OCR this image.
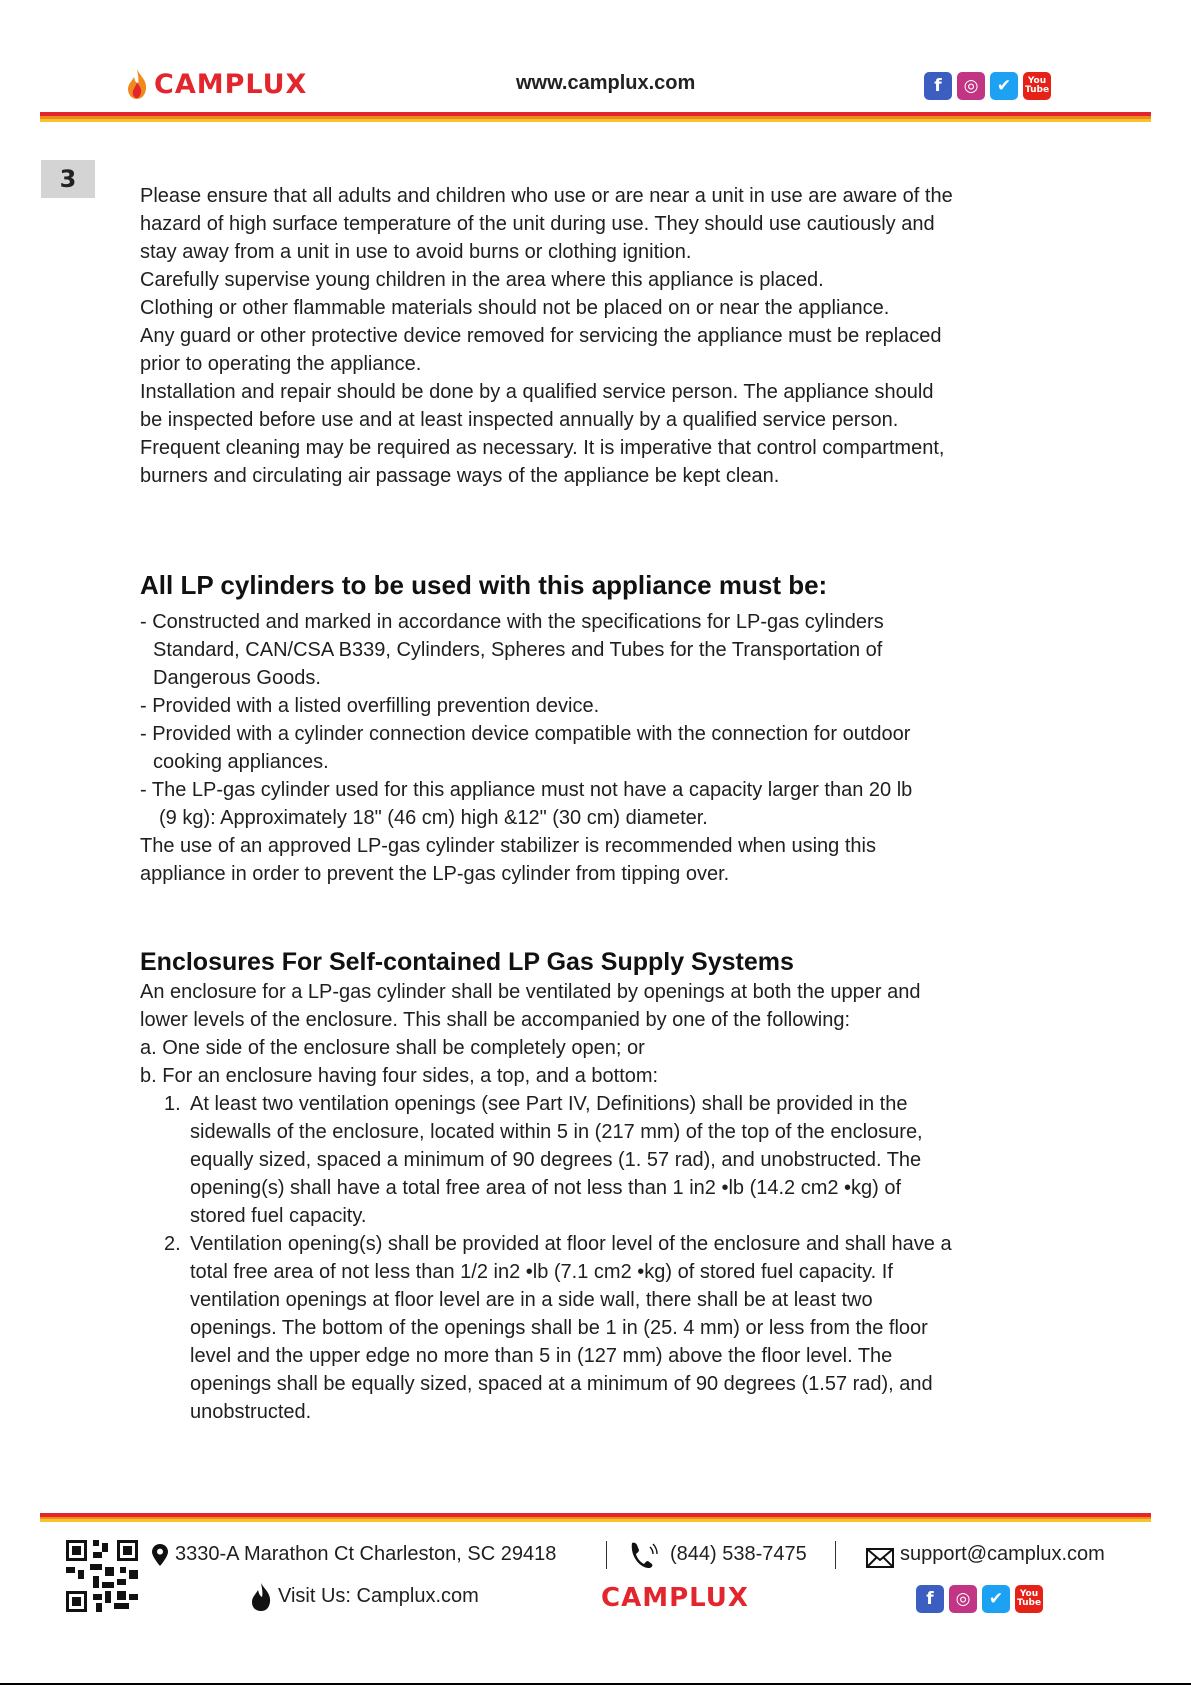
CAMPLUX	www.camplux.com	f	◎	✔	You
Tube
3

Please ensure that all adults and children who use or are near a unit in use are aware of the

hazard of high surface temperature of the unit during use. They should use cautiously and

stay away from a unit in use to avoid burns or clothing ignition.

Carefully supervise young children in the area where this appliance is placed.

Clothing or other flammable materials should not be placed on or near the appliance.

Any guard or other protective device removed for servicing the appliance must be replaced

prior to operating the appliance.

Installation and repair should be done by a qualified service person. The appliance should

be inspected before use and at least inspected annually by a qualified service person.

Frequent cleaning may be required as necessary. It is imperative that control compartment,

burners and circulating air passage ways of the appliance be kept clean.

All LP cylinders to be used with this appliance must be:

- Constructed and marked in accordance with the specifications for LP-gas cylinders

Standard, CAN/CSA B339, Cylinders, Spheres and Tubes for the Transportation of

Dangerous Goods.

- Provided with a listed overfilling prevention device.

- Provided with a cylinder connection device compatible with the connection for outdoor

cooking appliances.

- The LP-gas cylinder used for this appliance must not have a capacity larger than 20 lb

(9 kg): Approximately 18" (46 cm) high &12" (30 cm) diameter.

The use of an approved LP-gas cylinder stabilizer is recommended when using this

appliance in order to prevent the LP-gas cylinder from tipping over.

Enclosures For Self-contained LP Gas Supply Systems

An enclosure for a LP-gas cylinder shall be ventilated by openings at both the upper and

lower levels of the enclosure. This shall be accompanied by one of the following:

a. One side of the enclosure shall be completely open; or

b. For an enclosure having four sides, a top, and a bottom:

1. At least two ventilation openings (see Part IV, Definitions) shall be provided in the

sidewalls of the enclosure, located within 5 in (217 mm) of the top of the enclosure,

equally sized, spaced a minimum of 90 degrees (1. 57 rad), and unobstructed. The

opening(s) shall have a total free area of not less than 1 in2 •lb (14.2 cm2 •kg) of

stored fuel capacity.

2. Ventilation opening(s) shall be provided at floor level of the enclosure and shall have a

total free area of not less than 1/2 in2 •lb (7.1 cm2 •kg) of stored fuel capacity. If

ventilation openings at floor level are in a side wall, there shall be at least two

openings. The bottom of the openings shall be 1 in (25. 4 mm) or less from the floor

level and the upper edge no more than 5 in (127 mm) above the floor level. The

openings shall be equally sized, spaced at a minimum of 90 degrees (1.57 rad), and

unobstructed.

3330-A Marathon Ct Charleston, SC 29418	(844) 538-7475	support@camplux.com
Visit Us: Camplux.com	CAMPLUX	f	◎	✔	You
Tube
